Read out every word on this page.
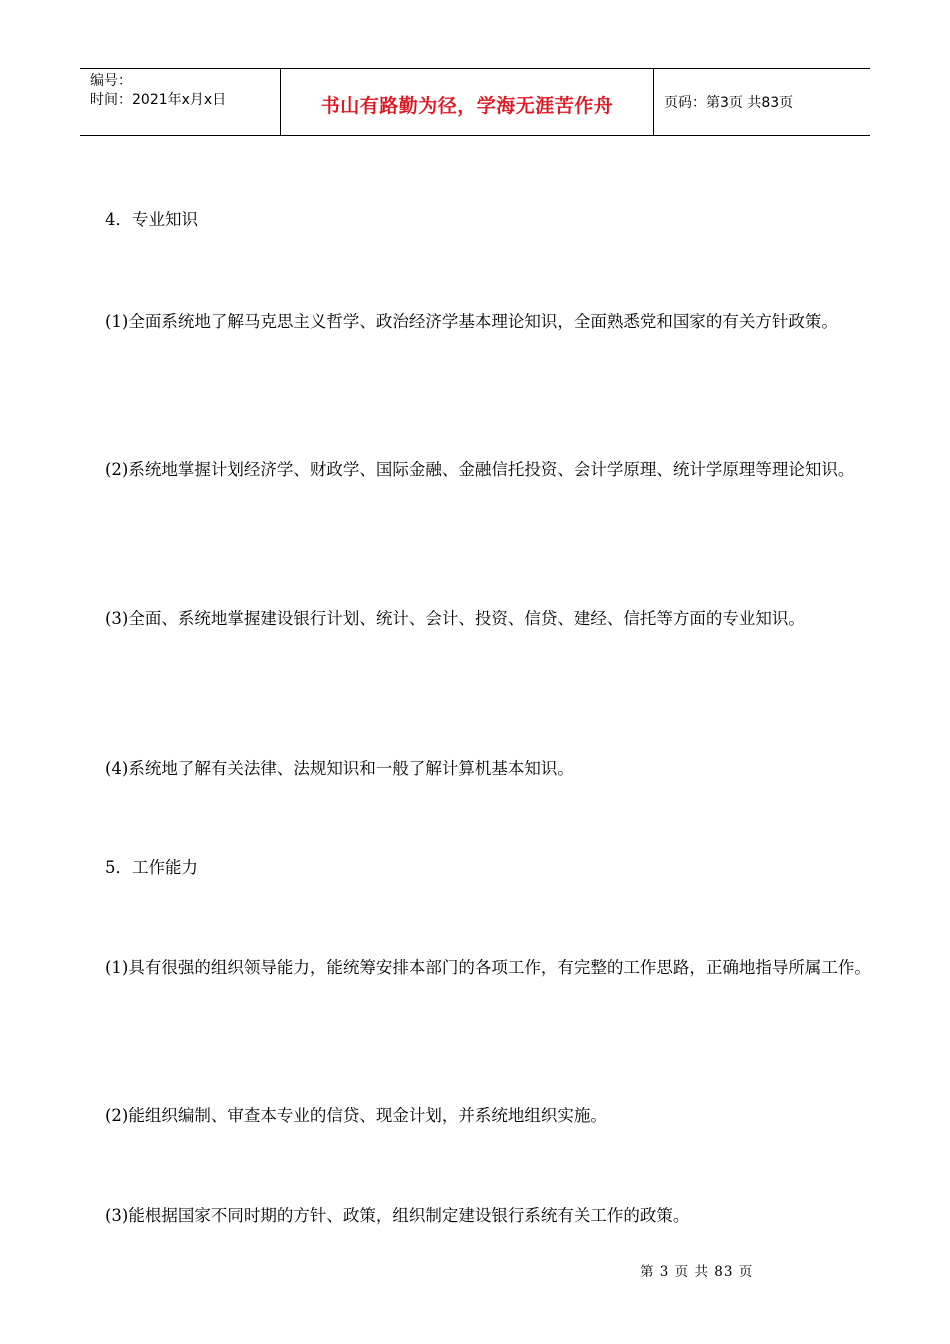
编号：
时间：2021年x月x日	书山有路勤为径，学海无涯苦作舟	页码：第3页 共83页

4．专业知识

(1)全面系统地了解马克思主义哲学、政治经济学基本理论知识，全面熟悉党和国家的有关方针政策。

(2)系统地掌握计划经济学、财政学、国际金融、金融信托投资、会计学原理、统计学原理等理论知识。

(3)全面、系统地掌握建设银行计划、统计、会计、投资、信贷、建经、信托等方面的专业知识。

(4)系统地了解有关法律、法规知识和一般了解计算机基本知识。

5．工作能力

(1)具有很强的组织领导能力，能统筹安排本部门的各项工作，有完整的工作思路，正确地指导所属工作。

(2)能组织编制、审查本专业的信贷、现金计划，并系统地组织实施。

(3)能根据国家不同时期的方针、政策，组织制定建设银行系统有关工作的政策。

第 3 页 共 83 页
